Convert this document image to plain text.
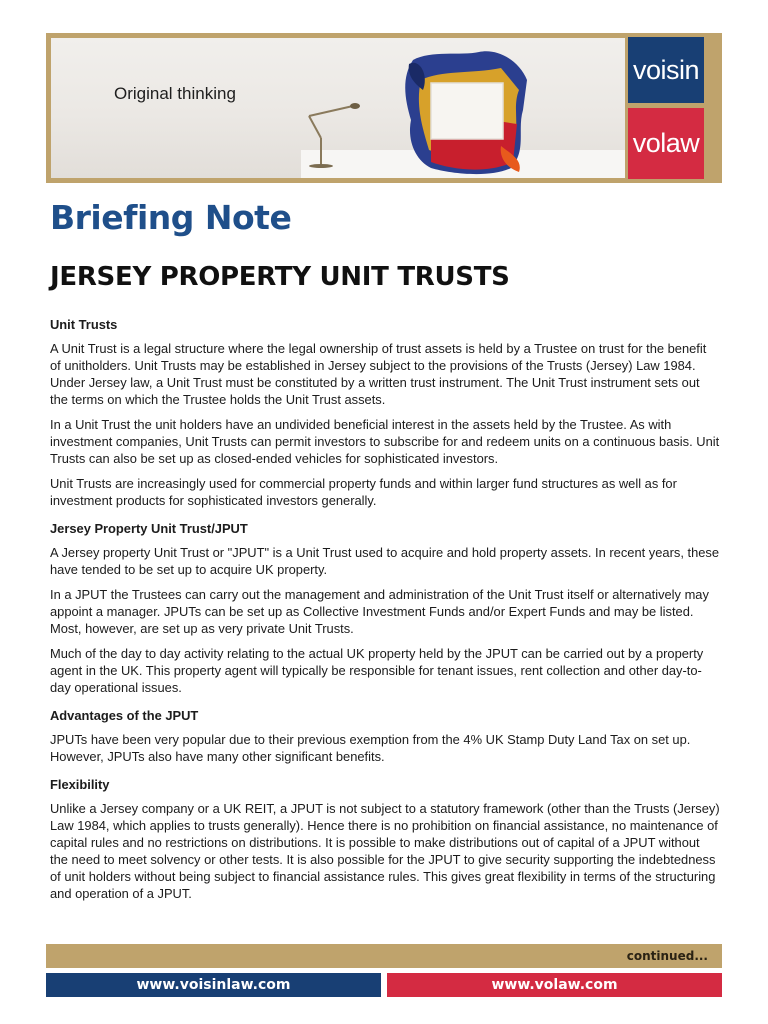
Original thinking
voisin
volaw
Briefing Note
JERSEY PROPERTY UNIT TRUSTS
Unit Trusts

A Unit Trust is a legal structure where the legal ownership of trust assets is held by a Trustee on trust for the benefit of unitholders. Unit Trusts may be established in Jersey subject to the provisions of the Trusts (Jersey) Law 1984. Under Jersey law, a Unit Trust must be constituted by a written trust instrument. The Unit Trust instrument sets out the terms on which the Trustee holds the Unit Trust assets.

In a Unit Trust the unit holders have an undivided beneficial interest in the assets held by the Trustee. As with investment companies, Unit Trusts can permit investors to subscribe for and redeem units on a continuous basis. Unit Trusts can also be set up as closed-ended vehicles for sophisticated investors.

Unit Trusts are increasingly used for commercial property funds and within larger fund structures as well as for investment products for sophisticated investors generally.

Jersey Property Unit Trust/JPUT

A Jersey property Unit Trust or "JPUT" is a Unit Trust used to acquire and hold property assets. In recent years, these have tended to be set up to acquire UK property.

In a JPUT the Trustees can carry out the management and administration of the Unit Trust itself or alternatively may appoint a manager. JPUTs can be set up as Collective Investment Funds and/or Expert Funds and may be listed. Most, however, are set up as very private Unit Trusts.

Much of the day to day activity relating to the actual UK property held by the JPUT can be carried out by a property agent in the UK. This property agent will typically be responsible for tenant issues, rent collection and other day-to-day operational issues.

Advantages of the JPUT

JPUTs have been very popular due to their previous exemption from the 4% UK Stamp Duty Land Tax on set up. However, JPUTs also have many other significant benefits.

Flexibility

Unlike a Jersey company or a UK REIT, a JPUT is not subject to a statutory framework (other than the Trusts (Jersey) Law 1984, which applies to trusts generally). Hence there is no prohibition on financial assistance, no maintenance of capital rules and no restrictions on distributions. It is possible to make distributions out of capital of a JPUT without the need to meet solvency or other tests. It is also possible for the JPUT to give security supporting the indebtedness of unit holders without being subject to financial assistance rules. This gives great flexibility in terms of the structuring and operation of a JPUT.

continued...
www.voisinlaw.com	www.volaw.com
